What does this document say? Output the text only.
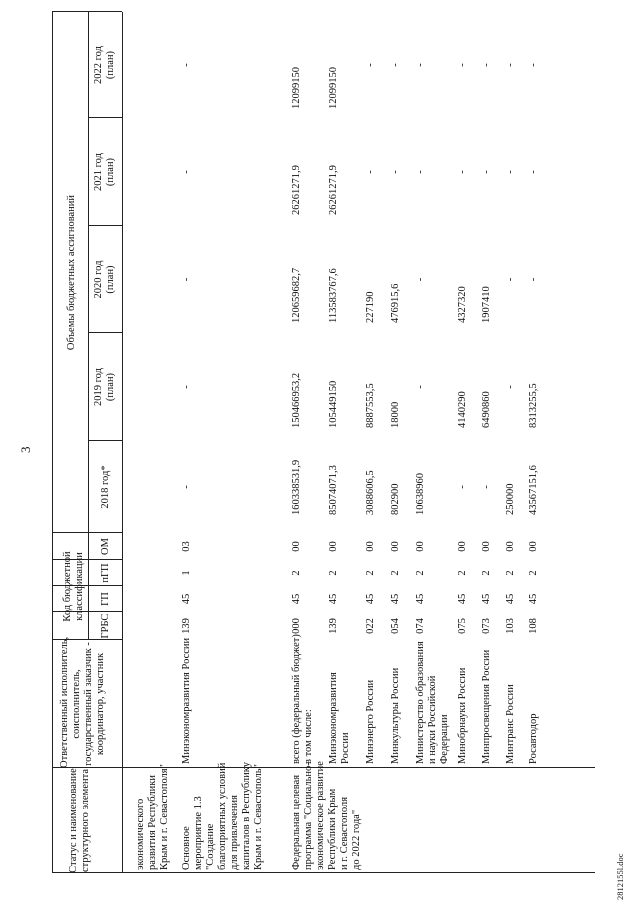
3
2812155l.doc
Статус и наименование структурного элемента
Ответственный исполнитель, соисполнитель, государственный заказчик - координатор, участник
Код бюджетной классификации
ГРБС
ГП
пГП
ОМ
Объемы бюджетных ассигнований
2018 год*
2019 год (план)
2020 год (план)
2021 год (план)
2022 год (план)
экономического развития Республики Крым и г. Севастополя" Основное мероприятие 1.3 "Создание благоприятных условий для привлечения капиталов в Республику Крым и г. Севастополь"
Минэкономразвития России
139
45
1
03
-
-
-
-
-
Федеральная целевая программа "Социально- экономическое развитие Республики Крым и г. Севастополя до 2022 года"
всего (федеральный бюджет) в том числе:
000
45
2
00
160338531,9
150466953,2
120659682,7
26261271,9
12099150
Минэкономразвития России
139
45
2
00
85074071,3
105449150
113583767,6
26261271,9
12099150
Минэнерго России
022
45
2
00
3088606,5
8887553,5
227190
-
-
Минкультуры России
054
45
2
00
802900
18000
476915,6
-
-
Министерство образования и науки Российской Федерации
074
45
2
00
10638960
-
-
-
-
Минобрнауки России
075
45
2
00
-
4140290
4327320
-
-
Минпросвещения России
073
45
2
00
-
6490860
1907410
-
-
Минтранс России
103
45
2
00
250000
-
-
-
-
Росавтодор
108
45
2
00
43567151,6
8313255,5
-
-
-
